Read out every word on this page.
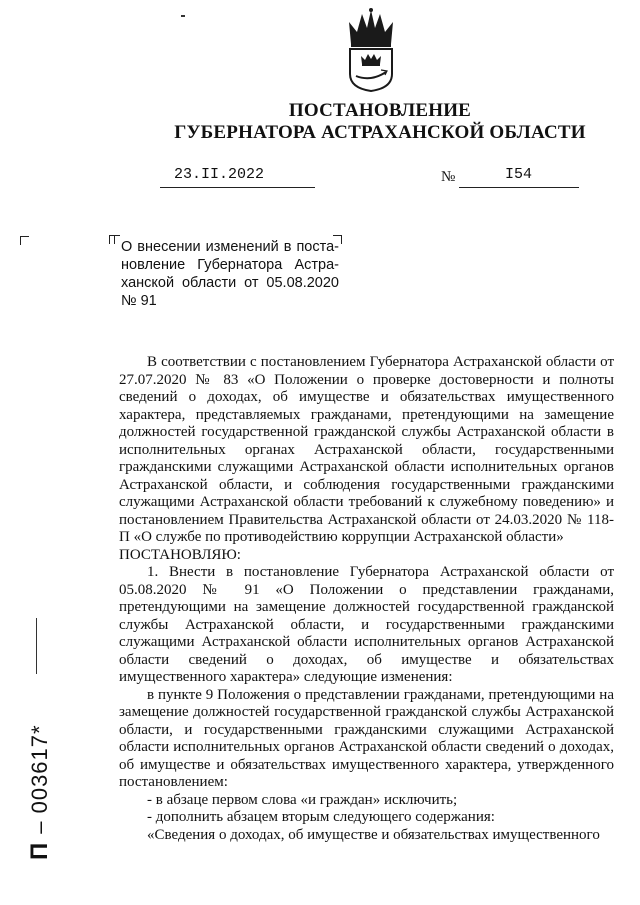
ПОСТАНОВЛЕНИЕ
ГУБЕРНАТОРА АСТРАХАНСКОЙ ОБЛАСТИ
23.II.2022	№	I54
О внесении изменений в поста-новление Губернатора Астра-ханской области от 05.08.2020 № 91

В соответствии с постановлением Губернатора Астраханской области от 27.07.2020 № 83 «О Положении о проверке достоверности и полноты сведений о доходах, об имуществе и обязательствах имущественного характера, представляемых гражданами, претендующими на замещение должностей государственной гражданской службы Астраханской области в исполнительных органах Астраханской области, государственными гражданскими служащими Астраханской области исполнительных органов Астраханской области, и соблюдения государственными гражданскими служащими Астраханской области требований к служебному поведению» и постановлением Правительства Астраханской области от 24.03.2020 № 118-П «О службе по противодействию коррупции Астраханской области»

ПОСТАНОВЛЯЮ:

1. Внести в постановление Губернатора Астраханской области от 05.08.2020 № 91 «О Положении о представлении гражданами, претендующими на замещение должностей государственной гражданской службы Астраханской области, и государственными гражданскими служащими Астраханской области исполнительных органов Астраханской области сведений о доходах, об имуществе и обязательствах имущественного характера» следующие изменения:

в пункте 9 Положения о представлении гражданами, претендующими на замещение должностей государственной гражданской службы Астраханской области, и государственными гражданскими служащими Астраханской области исполнительных органов Астраханской области сведений о доходах, об имуществе и обязательствах имущественного характера, утвержденного постановлением:

- в абзаце первом слова «и граждан» исключить;

- дополнить абзацем вторым следующего содержания:

«Сведения о доходах, об имуществе и обязательствах имущественного

П– 003617*
